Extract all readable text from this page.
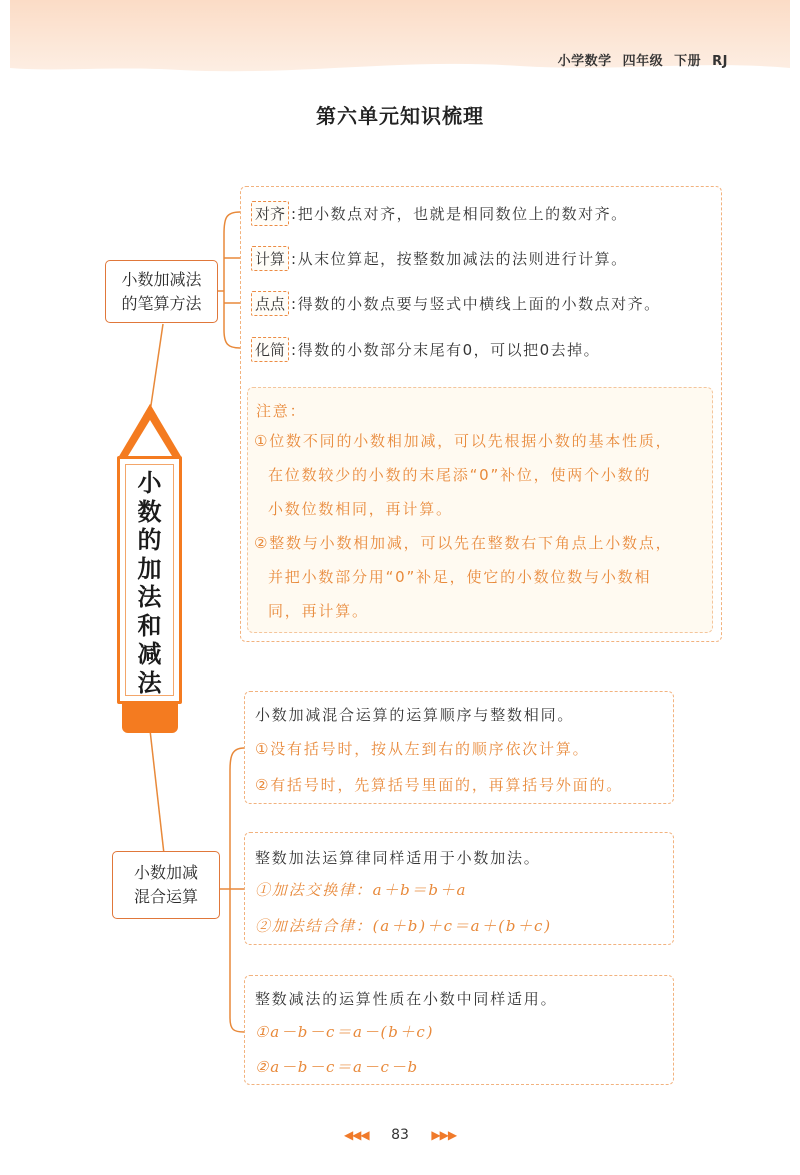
小学数学 四年级 下册 RJ
第六单元知识梳理
小
数
的
加
法
和
减
法
小数加减法
的笔算方法
对齐 : 把小数点对齐，也就是相同数位上的数对齐。
计算 : 从末位算起，按整数加减法的法则进行计算。
点点 : 得数的小数点要与竖式中横线上面的小数点对齐。
化简 : 得数的小数部分末尾有0，可以把0去掉。
注意：
①位数不同的小数相加减，可以先根据小数的基本性质，
在位数较少的小数的末尾添“0”补位，使两个小数的
小数位数相同，再计算。
②整数与小数相加减，可以先在整数右下角点上小数点，
并把小数部分用“0”补足，使它的小数位数与小数相
同，再计算。
小数加减
混合运算
小数加减混合运算的运算顺序与整数相同。
①没有括号时，按从左到右的顺序依次计算。
②有括号时，先算括号里面的，再算括号外面的。
整数加法运算律同样适用于小数加法。
①加法交换律：a＋b＝b＋a
②加法结合律：(a＋b)＋c＝a＋(b＋c)
整数减法的运算性质在小数中同样适用。
①a－b－c＝a－(b＋c)
②a－b－c＝a－c－b
◀◀◀ 83 ▶▶▶
